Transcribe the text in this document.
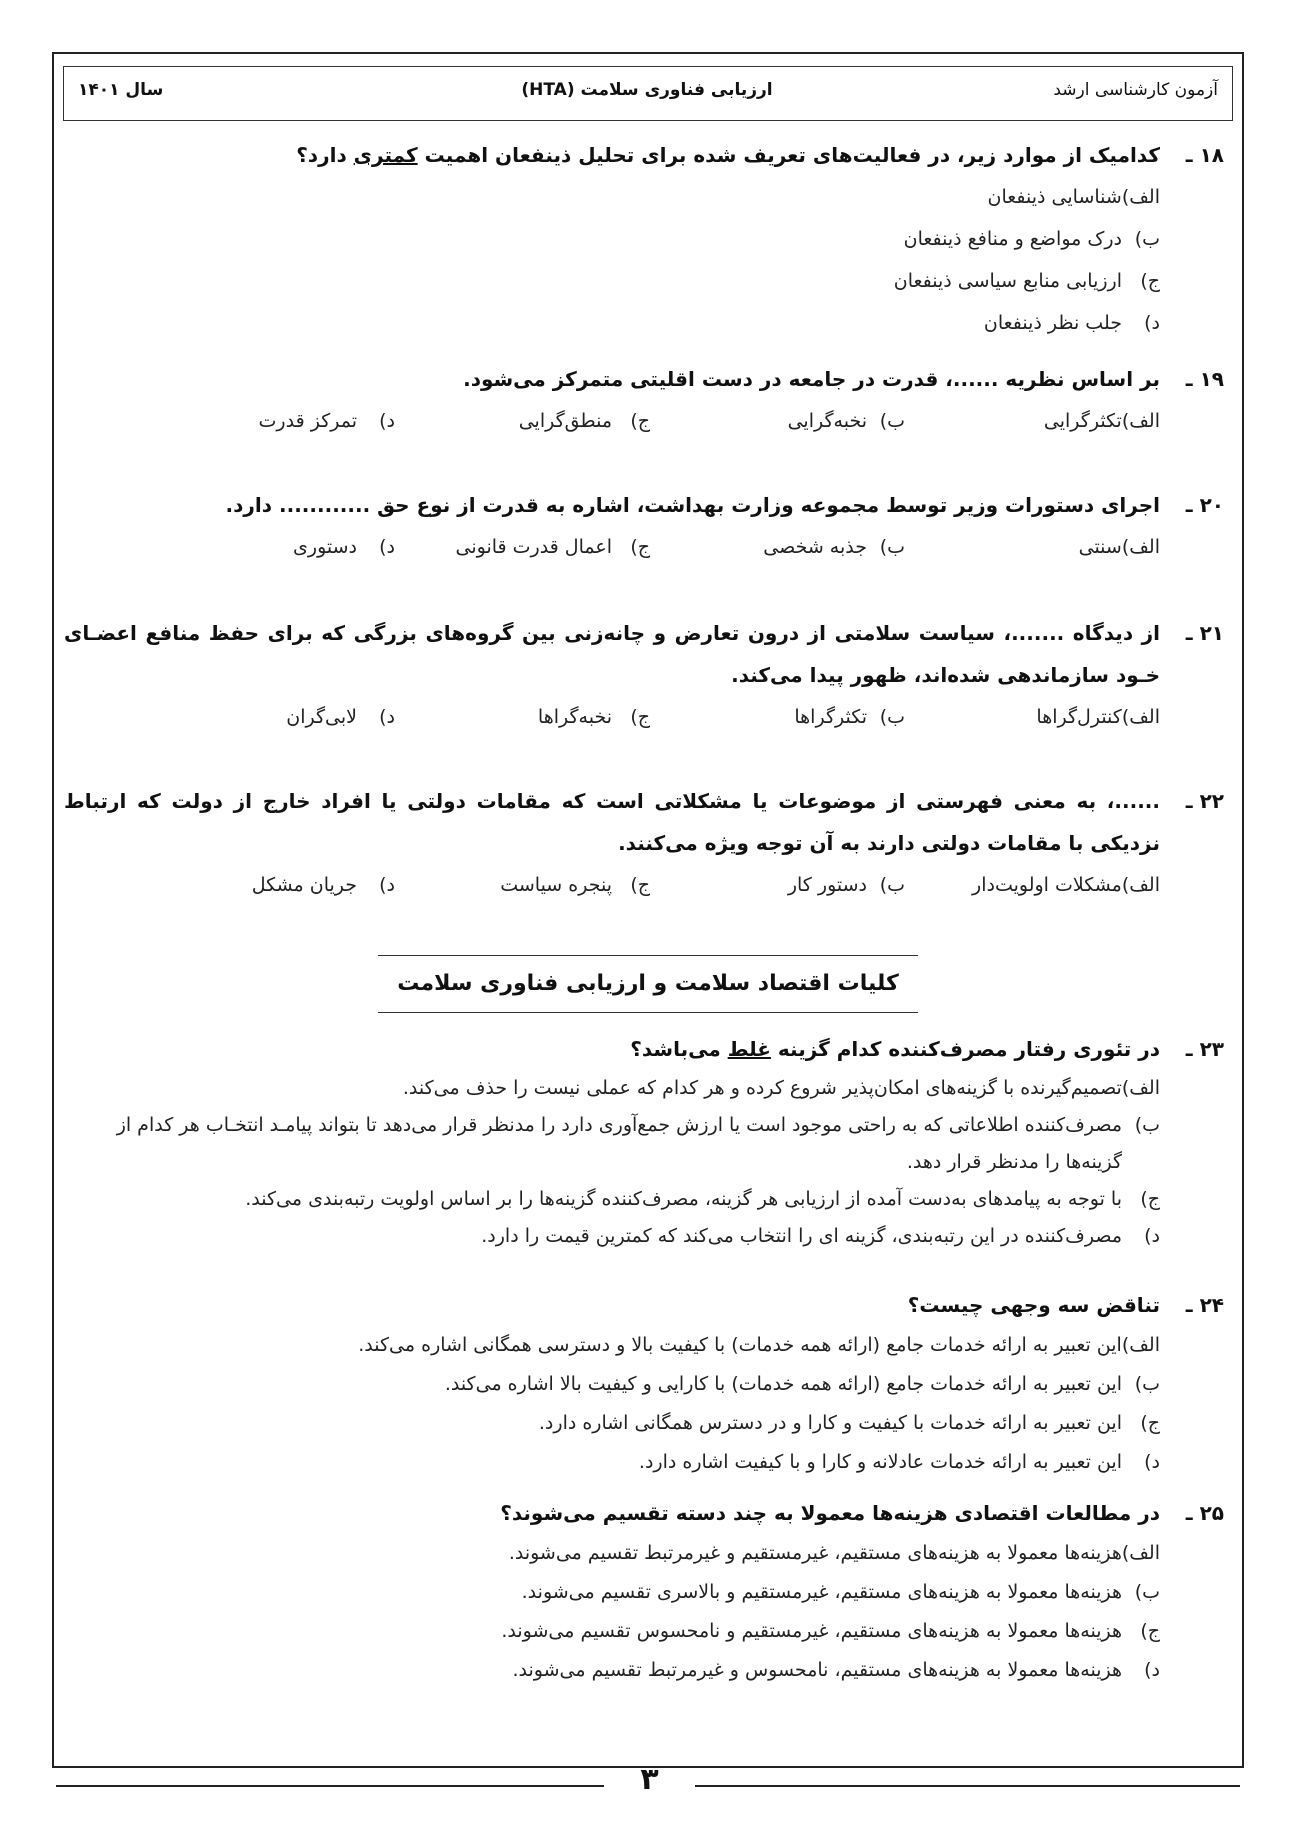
سال ۱۴۰۱	ارزیابی فناوری سلامت (HTA)	آزمون کارشناسی ارشد
۱۸ ـ
کدامیک از موارد زیر، در فعالیت‌های تعریف شده برای تحلیل ذینفعان اهمیت کمتری دارد؟
الف)
شناسایی ذینفعان
ب)
درک مواضع و منافع ذینفعان
ج)
ارزیابی منابع سیاسی ذینفعان
د)
جلب نظر ذینفعان
۱۹ ـ
بر اساس نظریه ......، قدرت در جامعه در دست اقلیتی متمرکز می‌شود.
الف)
تکثرگرایی
ب)
نخبه‌گرایی
ج)
منطق‌گرایی
د)
تمرکز قدرت
۲۰ ـ
اجرای دستورات وزیر توسط مجموعه وزارت بهداشت، اشاره به قدرت از نوع حق ............ دارد.
الف)
سنتی
ب)
جذبه شخصی
ج)
اعمال قدرت قانونی
د)
دستوری
۲۱ ـ
از دیدگاه .......، سیاست سلامتی از درون تعارض و چانه‌زنی بین گروه‌های بزرگی که برای حفظ منافع اعضـای خـود سازماندهی شده‌اند، ظهور پیدا می‌کند.
الف)
کنترل‌گراها
ب)
تکثرگراها
ج)
نخبه‌گراها
د)
لابی‌گران
۲۲ ـ
......، به معنی فهرستی از موضوعات یا مشکلاتی است که مقامات دولتی یا افراد خارج از دولت که ارتباط نزدیکی با مقامات دولتی دارند به آن توجه ویژه می‌کنند.
الف)
مشکلات اولویت‌دار
ب)
دستور کار
ج)
پنجره سیاست
د)
جریان مشکل
کلیات اقتصاد سلامت و ارزیابی فناوری سلامت
۲۳ ـ
در تئوری رفتار مصرف‌کننده کدام گزینه غلط می‌باشد؟
الف)
تصمیم‌گیرنده با گزینه‌های امکان‌پذیر شروع کرده و هر کدام که عملی نیست را حذف می‌کند.
ب)
مصرف‌کننده اطلاعاتی که به راحتی موجود است یا ارزش جمع‌آوری دارد را مدنظر قرار می‌دهد تا بتواند پیامـد انتخـاب هر کدام از گزینه‌ها را مدنظر قرار دهد.
ج)
با توجه به پیامدهای به‌دست آمده از ارزیابی هر گزینه، مصرف‌کننده گزینه‌ها را بر اساس اولویت رتبه‌بندی می‌کند.
د)
مصرف‌کننده در این رتبه‌بندی، گزینه ای را انتخاب می‌کند که کمترین قیمت را دارد.
۲۴ ـ
تناقض سه وجهی چیست؟
الف)
این تعبیر به ارائه خدمات جامع (ارائه همه خدمات) با کیفیت بالا و دسترسی همگانی اشاره می‌کند.
ب)
این تعبیر به ارائه خدمات جامع (ارائه همه خدمات) با کارایی و کیفیت بالا اشاره می‌کند.
ج)
این تعبیر به ارائه خدمات با کیفیت و کارا و در دسترس همگانی اشاره دارد.
د)
این تعبیر به ارائه خدمات عادلانه و کارا و با کیفیت اشاره دارد.
۲۵ ـ
در مطالعات اقتصادی هزینه‌ها معمولا به چند دسته تقسیم می‌شوند؟
الف)
هزینه‌ها معمولا به هزینه‌های مستقیم، غیرمستقیم و غیرمرتبط تقسیم می‌شوند.
ب)
هزینه‌ها معمولا به هزینه‌های مستقیم، غیرمستقیم و بالاسری تقسیم می‌شوند.
ج)
هزینه‌ها معمولا به هزینه‌های مستقیم، غیرمستقیم و نامحسوس تقسیم می‌شوند.
د)
هزینه‌ها معمولا به هزینه‌های مستقیم، نامحسوس و غیرمرتبط تقسیم می‌شوند.
۳
